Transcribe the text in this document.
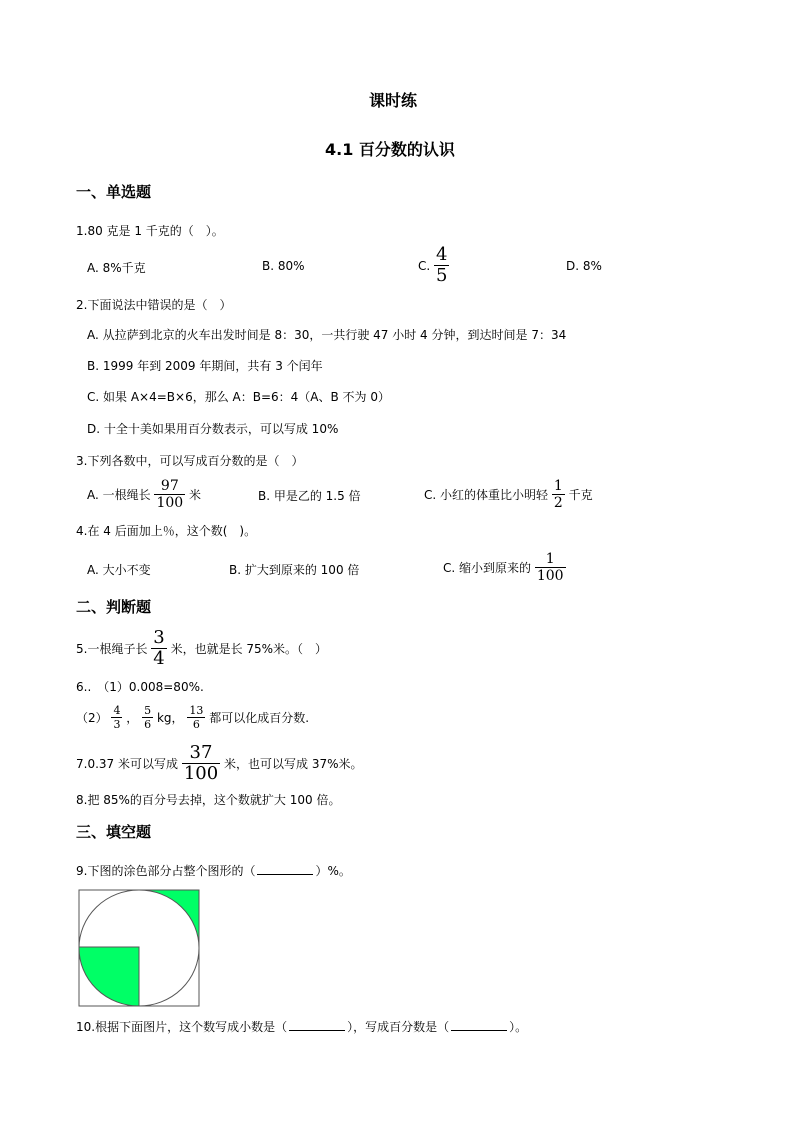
课时练
4.1 百分数的认识
一、单选题
1.80 克是 1 千克的（　）。
A. 8%千克	B. 80%	C. $\frac{4}{5}$	D. 8%
2.下面说法中错误的是（　）
A. 从拉萨到北京的火车出发时间是 8：30，一共行驶 47 小时 4 分钟，到达时间是 7：34
B. 1999 年到 2009 年期间，共有 3 个闰年
C. 如果 A×4=B×6，那么 A：B=6：4（A、B 不为 0）
D. 十全十美如果用百分数表示，可以写成 10%
3.下列各数中，可以写成百分数的是（　）
A. 一根绳长 $\frac{97}{100}$ 米	B. 甲是乙的 1.5 倍	C. 小红的体重比小明轻 $\frac{1}{2}$ 千克
4.在 4 后面加上％，这个数(　)。
A. 大小不变	B. 扩大到原来的 100 倍	C. 缩小到原来的 $\frac{1}{100}$
二、判断题
5.一根绳子长 $\frac{3}{4}$ 米，也就是长 75%米。（　）
6..　（1）0.008=80%.
$(2) \frac{4}{3}$ ， $\frac{5}{6}$ kg， $\frac{13}{6}$ 都可以化成百分数.
7.0.37 米可以写成 $\frac{37}{100}$ 米，也可以写成 37%米。
8.把 85%的百分号去掉，这个数就扩大 100 倍。
三、填空题
9.下图的涂色部分占整个图形的（	）%。
10.根据下面图片，这个数写成小数是（	），写成百分数是（	）。
